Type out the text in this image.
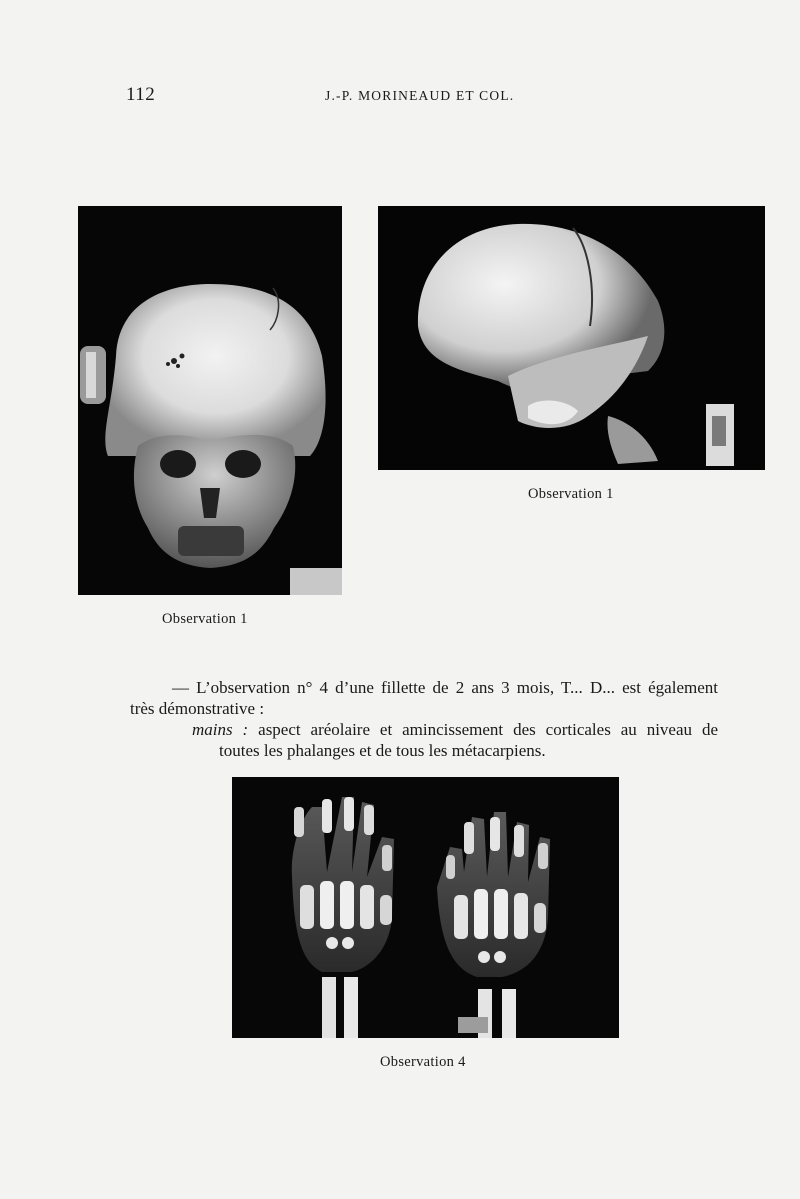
112	J.-P. MORINEAUD ET COL.
Observation 1
Observation 1
— L’observation n° 4 d’une fillette de 2 ans 3 mois, T... D... est également
très démonstrative :
mains : aspect aréolaire et amincissement des corticales au niveau de
toutes les phalanges et de tous les métacarpiens.
Observation 4
